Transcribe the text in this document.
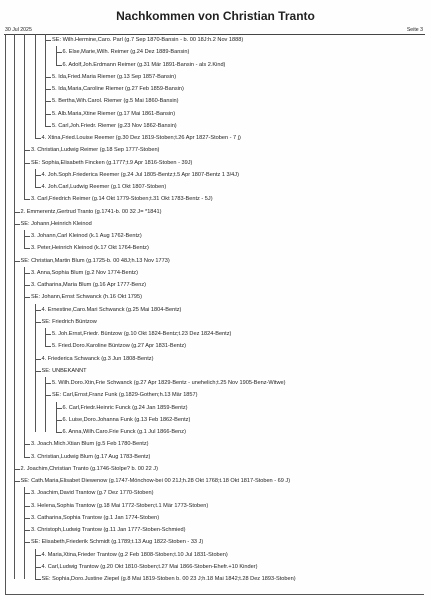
Nachkommen von Christian Tranto
30 Jul 2025	Seite 3
SE: Wilh.Hermine,Caro. Parl (g.7 Sep 1870-Bansin - b. 00 18J:h.2 Nov 1888)
6. Else,Marie,Wilh. Reimer (g.24 Dez 1889-Bansin)
6. Adolf,Joh.Erdmann Reimer (g.31 Mär 1891-Bansin - als 2.Kind)
5. Ida,Fried.Maria Riemer (g.13 Sep 1857-Bansin)
5. Ida,Maria,Caroline Riemer (g.27 Feb 1859-Bansin)
5. Bertha,Wih.Carol. Riemer (g.5 Mai 1860-Bansin)
5. Alb.Maria,Xtine Riemer (g.17 Mai 1861-Bansin)
5. Carl,Joh.Friedr. Riemer (g.23 Nov 1862-Bansin)
4. Xtina,Fried.Louise Reemer (g.30 Dez 1819-Stoben;t.26 Apr 1827-Stoben - 7 j)
3. Christian,Ludwig Reimer (g.18 Sep 1777-Stoben)
SE: Sophia,Elisabeth Fincken (g.1777;t.9 Apr 1816-Stoben - 39J)
4. Joh.Soph.Friederica Reemer (g.24 Jul 1805-Bentz;t.5 Apr 1807-Bentz 1 3/4J)
4. Joh.Carl,Ludwig Reemer (g.1 Okt 1807-Stoben)
3. Carl,Friedrich Reimer (g.14 Okt 1779-Stoben;t.31 Okt 1783-Bentz - 5J)
2. Emmerentz,Gertrud Tranto (g.1741-b. 00 32 J= *1841)
SE: Johann,Heinrich Kleinod
3. Johann,Carl Kleinod (k.1 Aug 1762-Bentz)
3. Peter,Heinrich Kleinod (k.17 Okt 1764-Bentz)
SE: Christian,Martin Blum (g.1725-b. 00 48J;h.13 Nov 1773)
3. Anna,Sophia Blum (g.2 Nov 1774-Bentz)
3. Catharina,Maria Blum (g.16 Apr 1777-Benz)
SE: Johann,Ernst Schwanck (h.16 Okt 1795)
4. Ernestine,Caro.Mari Schwanck (g.25 Mai 1804-Bentz)
SE: Friedrich Büntzow
5. Joh.Ernst,Friedr. Büntzow (g.10 Okt 1824-Bentz;t.23 Dez 1824-Bentz)
5. Fried.Doro.Karoline Büntzow (g.27 Apr 1831-Bentz)
4. Friederica Schwanck (g.3 Jun 1808-Bentz)
SE: UNBEKANNT
5. Wilh.Doro.Xtin,Frie Schwanck (g.27 Apr 1829-Bentz - unehelich;t.25 Nov 1905-Benz-Witwe)
SE: Carl,Ernst,Franz Funk (g.1829-Gothen;h.13 Mär 1857)
6. Carl,Friedr.Heinric Funck (g.24 Jan 1859-Bentz)
6. Luise,Doro.Johanna Funk (g.13 Feb 1862-Bentz)
6. Anna,Wilh.Caro.Frie Funck (g.1 Jul 1866-Benz)
3. Joach.Mich.Xtian Blum (g.5 Feb 1780-Bentz)
3. Christian,Ludwig Blum (g.17 Aug 1783-Bentz)
2. Joachim,Christian Tranto (g.1746-Stolpe? b. 00 22 J)
SE: Cath.Maria,Elisabet Diewenow (g.1747-Mönchow-bei 00 21J;h.28 Okt 1768;t.18 Okt 1817-Stoben - 69 J)
3. Joachim,David Trantow (g.7 Dez 1770-Stoben)
3. Helena,Sophia Trantow (g.18 Mai 1772-Stoben;t.1 Mär 1773-Stoben)
3. Catharina,Sophia Trantow (g.1 Jan 1774-Stoben)
3. Christoph,Ludwig Trantow (g.11 Jan 1777-Stoben-Schmied)
SE: Elisabeth,Friederik Schmidt (g.1789;t.13 Aug 1822-Stoben - 33 J)
4. Maria,Xtina,Frieder Trantow (g.2 Feb 1808-Stoben;t.10 Jul 1831-Stoben)
4. Carl,Ludwig Trantow (g.20 Okt 1810-Stoben;t.27 Mai 1866-Stoben-Ehefr.+10 Kinder)
SE: Sophia,Doro.Justine Ziepel (g.8 Mai 1819-Stoben b. 00 23 J;h.18 Mai 1842;t.28 Dez 1893-Stoben)
